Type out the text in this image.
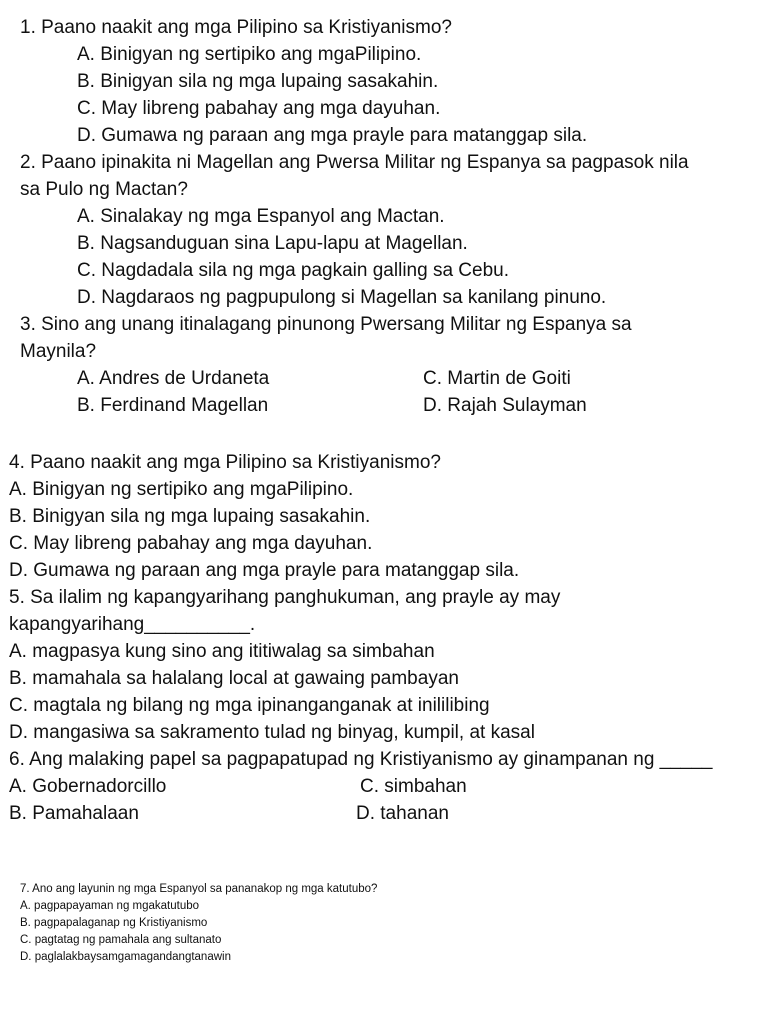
1. Paano naakit ang mga Pilipino sa Kristiyanismo?
A. Binigyan ng sertipiko ang mgaPilipino.
B. Binigyan sila ng mga lupaing sasakahin.
C. May libreng pabahay ang mga dayuhan.
D. Gumawa ng paraan ang mga prayle para matanggap sila.
2. Paano ipinakita ni Magellan ang Pwersa Militar ng Espanya sa pagpasok nila
sa Pulo ng Mactan?
A. Sinalakay ng mga Espanyol ang Mactan.
B. Nagsanduguan sina Lapu-lapu at Magellan.
C. Nagdadala sila ng mga pagkain galling sa Cebu.
D. Nagdaraos ng pagpupulong si Magellan sa kanilang pinuno.
3. Sino ang unang itinalagang pinunong Pwersang Militar ng Espanya sa
Maynila?
A. Andres de Urdaneta	C. Martin de Goiti
B. Ferdinand Magellan	D. Rajah Sulayman
4. Paano naakit ang mga Pilipino sa Kristiyanismo?
A. Binigyan ng sertipiko ang mgaPilipino.
B. Binigyan sila ng mga lupaing sasakahin.
C. May libreng pabahay ang mga dayuhan.
D. Gumawa ng paraan ang mga prayle para matanggap sila.
5. Sa ilalim ng kapangyarihang panghukuman, ang prayle ay may
kapangyarihang__________.
A. magpasya kung sino ang ititiwalag sa simbahan
B. mamahala sa halalang local at gawaing pambayan
C. magtala ng bilang ng mga ipinanganganak at inililibing
D. mangasiwa sa sakramento tulad ng binyag, kumpil, at kasal
6. Ang malaking papel sa pagpapatupad ng Kristiyanismo ay ginampanan ng _____
A. Gobernadorcillo	C. simbahan
B. Pamahalaan	D. tahanan
7. Ano ang layunin ng mga Espanyol sa pananakop ng mga katutubo?
A. pagpapayaman ng mgakatutubo
B. pagpapalaganap ng Kristiyanismo
C. pagtatag ng pamahala ang sultanato
D. paglalakbaysamgamagandangtanawin
